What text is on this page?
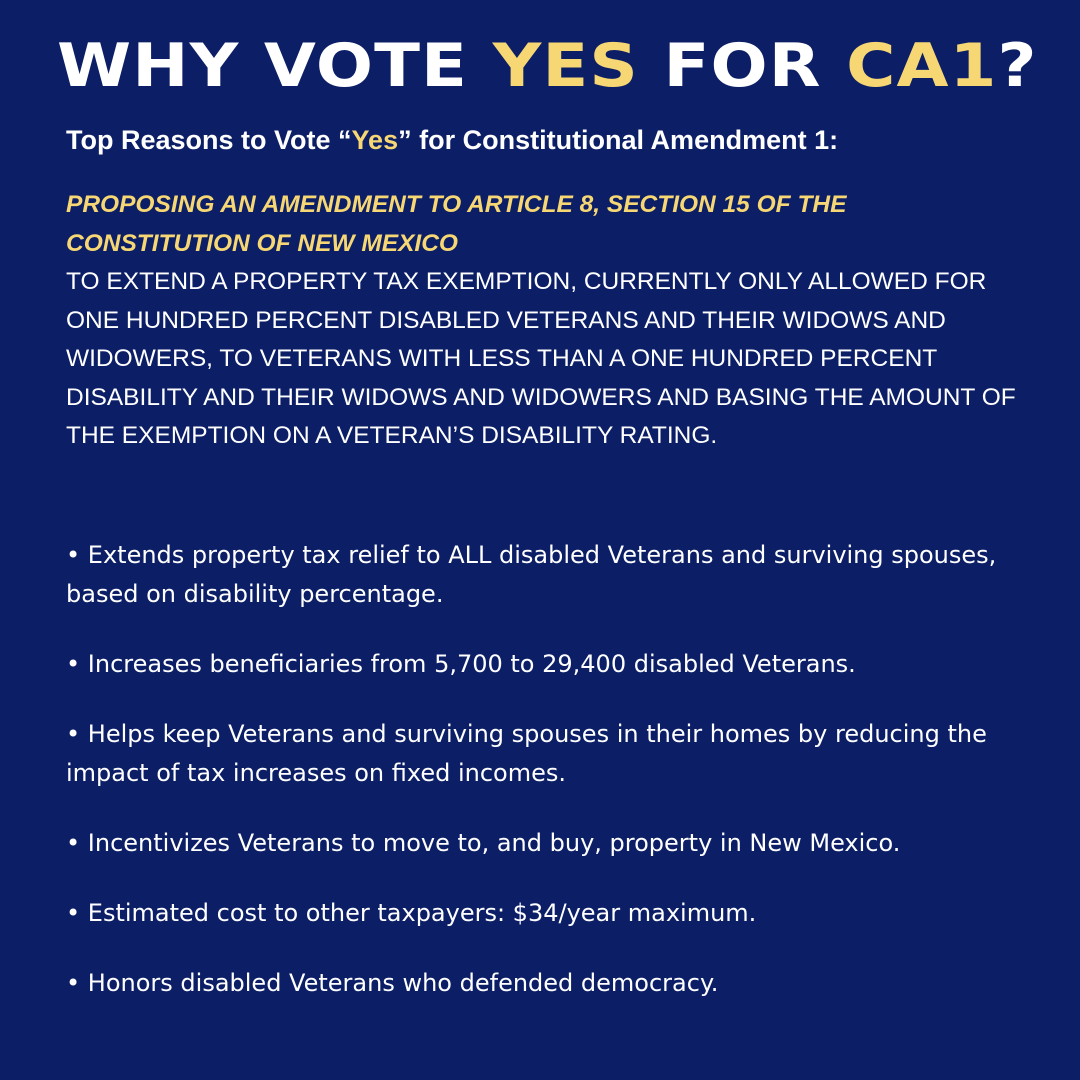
WHY VOTE YES FOR CA1?

Top Reasons to Vote “Yes” for Constitutional Amendment 1:

PROPOSING AN AMENDMENT TO ARTICLE 8, SECTION 15 OF THE CONSTITUTION OF NEW MEXICO

TO EXTEND A PROPERTY TAX EXEMPTION, CURRENTLY ONLY ALLOWED FOR ONE HUNDRED PERCENT DISABLED VETERANS AND THEIR WIDOWS AND WIDOWERS, TO VETERANS WITH LESS THAN A ONE HUNDRED PERCENT DISABILITY AND THEIR WIDOWS AND WIDOWERS AND BASING THE AMOUNT OF THE EXEMPTION ON A VETERAN’S DISABILITY RATING.

• Extends property tax relief to ALL disabled Veterans and surviving spouses, based on disability percentage.
• Increases beneficiaries from 5,700 to 29,400 disabled Veterans.
• Helps keep Veterans and surviving spouses in their homes by reducing the impact of tax increases on fixed incomes.
• Incentivizes Veterans to move to, and buy, property in New Mexico.
• Estimated cost to other taxpayers: $34/year maximum.
• Honors disabled Veterans who defended democracy.
